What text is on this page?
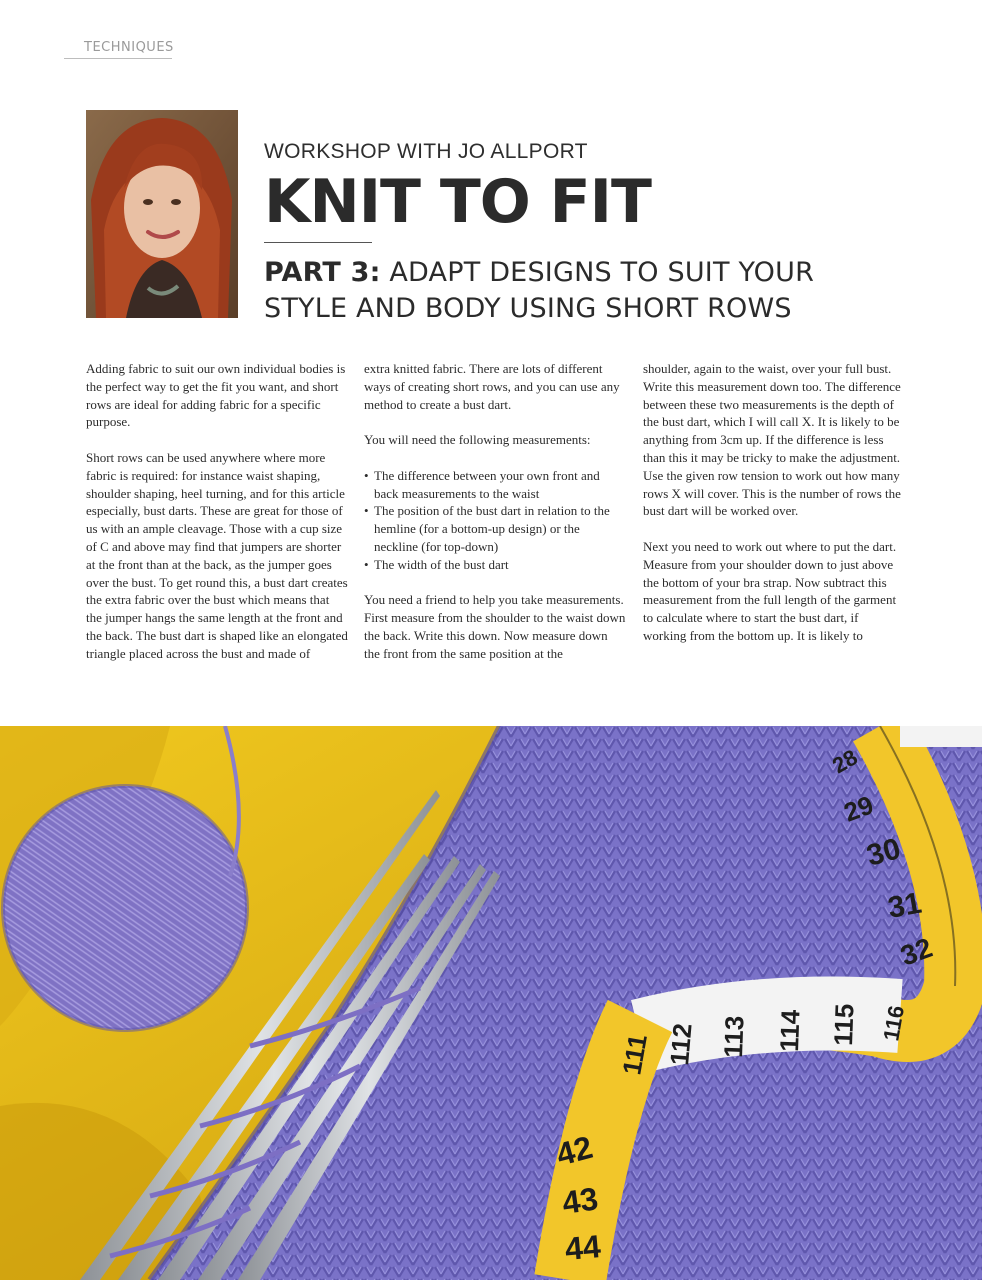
TECHNIQUES
WORKSHOP WITH JO ALLPORT
KNIT TO FIT
PART 3: ADAPT DESIGNS TO SUIT YOUR
STYLE AND BODY USING SHORT ROWS

Adding fabric to suit our own individual bodies is the perfect way to get the fit you want, and short rows are ideal for adding fabric for a specific purpose.

Short rows can be used anywhere where more fabric is required: for instance waist shaping, shoulder shaping, heel turning, and for this article especially, bust darts. These are great for those of us with an ample cleavage. Those with a cup size of C and above may find that jumpers are shorter at the front than at the back, as the jumper goes over the bust. To get round this, a bust dart creates the extra fabric over the bust which means that the jumper hangs the same length at the front and the back. The bust dart is shaped like an elongated triangle placed across the bust and made of

extra knitted fabric. There are lots of different ways of creating short rows, and you can use any method to create a bust dart.

You will need the following measurements:

• The difference between your own front and back measurements to the waist
• The position of the bust dart in relation to the hemline (for a bottom-up design) or the neckline (for top-down)
• The width of the bust dart

You need a friend to help you take measurements. First measure from the shoulder to the waist down the back. Write this down. Now measure down the front from the same position at the

shoulder, again to the waist, over your full bust. Write this measurement down too. The difference between these two measurements is the depth of the bust dart, which I will call X. It is likely to be anything from 3cm up. If the difference is less than this it may be tricky to make the adjustment. Use the given row tension to work out how many rows X will cover. This is the number of rows the bust dart will be worked over.

Next you need to work out where to put the dart. Measure from your shoulder down to just above the bottom of your bra strap. Now subtract this measurement from the full length of the garment to calculate where to start the bust dart, if working from the bottom up. It is likely to

28
29
30
31
32
111 112 113 114 115 116
42
43
44
